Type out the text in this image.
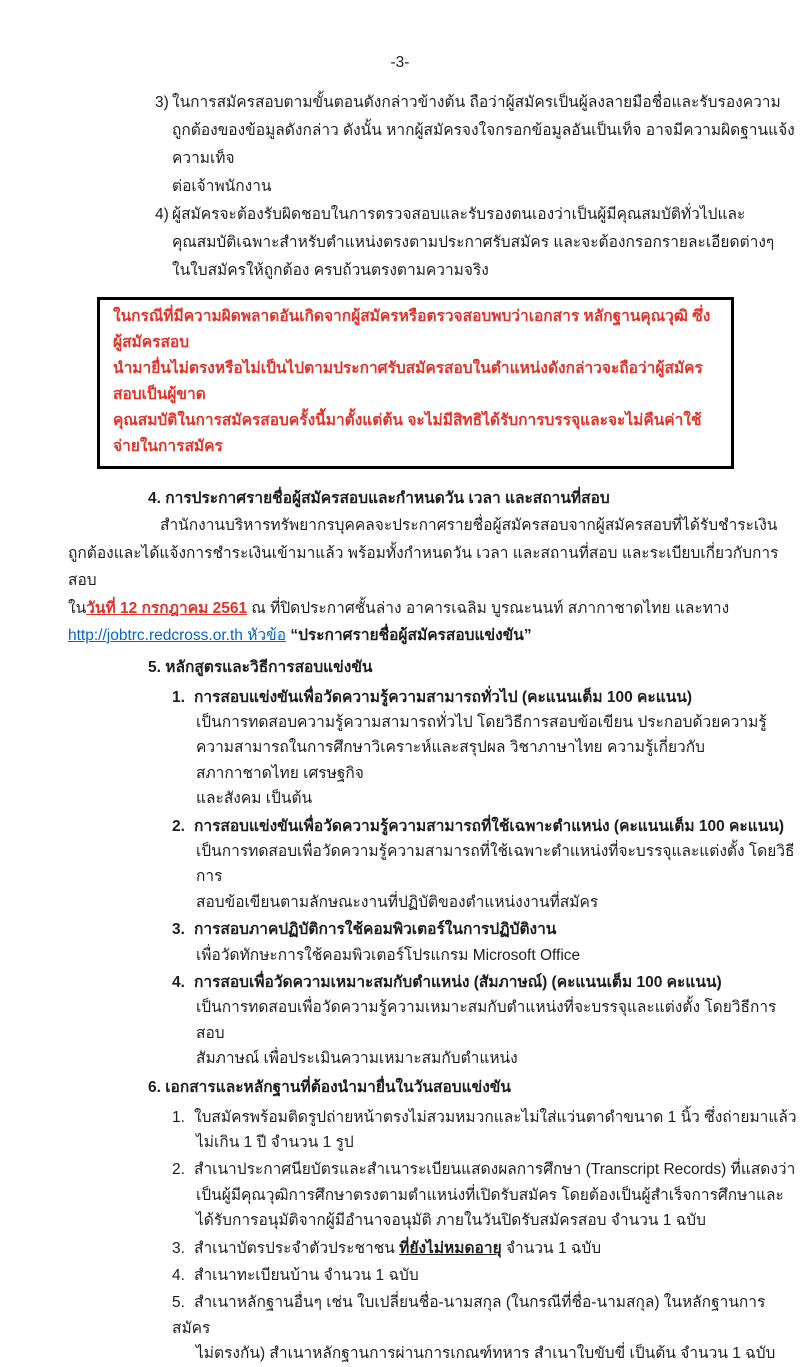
-3-
3) ในการสมัครสอบตามขั้นตอนดังกล่าวข้างต้น ถือว่าผู้สมัครเป็นผู้ลงลายมือชื่อและรับรองความ
ถูกต้องของข้อมูลดังกล่าว ดังนั้น หากผู้สมัครจงใจกรอกข้อมูลอันเป็นเท็จ อาจมีความผิดฐานแจ้งความเท็จ
ต่อเจ้าพนักงาน
4) ผู้สมัครจะต้องรับผิดชอบในการตรวจสอบและรับรองตนเองว่าเป็นผู้มีคุณสมบัติทั่วไปและ
คุณสมบัติเฉพาะสำหรับตำแหน่งตรงตามประกาศรับสมัคร และจะต้องกรอกรายละเอียดต่างๆ
ในใบสมัครให้ถูกต้อง ครบถ้วนตรงตามความจริง
ในกรณีที่มีความผิดพลาดอันเกิดจากผู้สมัครหรือตรวจสอบพบว่าเอกสาร หลักฐานคุณวุฒิ ซึ่งผู้สมัครสอบ
นำมายื่นไม่ตรงหรือไม่เป็นไปตามประกาศรับสมัครสอบในตำแหน่งดังกล่าวจะถือว่าผู้สมัครสอบเป็นผู้ขาด
คุณสมบัติในการสมัครสอบครั้งนี้มาตั้งแต่ต้น จะไม่มีสิทธิได้รับการบรรจุและจะไม่คืนค่าใช้จ่ายในการสมัคร
4. การประกาศรายชื่อผู้สมัครสอบและกำหนดวัน เวลา และสถานที่สอบ
สำนักงานบริหารทรัพยากรบุคคลจะประกาศรายชื่อผู้สมัครสอบจากผู้สมัครสอบที่ได้รับชำระเงิน
ถูกต้องและได้แจ้งการชำระเงินเข้ามาแล้ว พร้อมทั้งกำหนดวัน เวลา และสถานที่สอบ และระเบียบเกี่ยวกับการสอบ
ในวันที่ 12 กรกฎาคม 2561 ณ ที่ปิดประกาศชั้นล่าง อาคารเฉลิม บูรณะนนท์ สภากาชาดไทย และทาง
http://jobtrc.redcross.or.th หัวข้อ “ประกาศรายชื่อผู้สมัครสอบแข่งขัน”
5. หลักสูตรและวิธีการสอบแข่งขัน
1. การสอบแข่งขันเพื่อวัดความรู้ความสามารถทั่วไป (คะแนนเต็ม 100 คะแนน)
เป็นการทดสอบความรู้ความสามารถทั่วไป โดยวิธีการสอบข้อเขียน ประกอบด้วยความรู้
ความสามารถในการศึกษาวิเคราะห์และสรุปผล วิชาภาษาไทย ความรู้เกี่ยวกับสภากาชาดไทย เศรษฐกิจ
และสังคม เป็นต้น
2. การสอบแข่งขันเพื่อวัดความรู้ความสามารถที่ใช้เฉพาะตำแหน่ง (คะแนนเต็ม 100 คะแนน)
เป็นการทดสอบเพื่อวัดความรู้ความสามารถที่ใช้เฉพาะตำแหน่งที่จะบรรจุและแต่งตั้ง โดยวิธีการ
สอบข้อเขียนตามลักษณะงานที่ปฏิบัติของตำแหน่งงานที่สมัคร
3. การสอบภาคปฏิบัติการใช้คอมพิวเตอร์ในการปฏิบัติงาน
เพื่อวัดทักษะการใช้คอมพิวเตอร์โปรแกรม Microsoft Office
4. การสอบเพื่อวัดความเหมาะสมกับตำแหน่ง (สัมภาษณ์) (คะแนนเต็ม 100 คะแนน)
เป็นการทดสอบเพื่อวัดความรู้ความเหมาะสมกับตำแหน่งที่จะบรรจุและแต่งตั้ง โดยวิธีการสอบ
สัมภาษณ์ เพื่อประเมินความเหมาะสมกับตำแหน่ง
6. เอกสารและหลักฐานที่ต้องนำมายื่นในวันสอบแข่งขัน
1. ใบสมัครพร้อมติดรูปถ่ายหน้าตรงไม่สวมหมวกและไม่ใส่แว่นตาดำขนาด 1 นิ้ว ซึ่งถ่ายมาแล้ว
ไม่เกิน 1 ปี จำนวน 1 รูป
2. สำเนาประกาศนียบัตรและสำเนาระเบียนแสดงผลการศึกษา (Transcript Records) ที่แสดงว่า
เป็นผู้มีคุณวุฒิการศึกษาตรงตามตำแหน่งที่เปิดรับสมัคร โดยต้องเป็นผู้สำเร็จการศึกษาและ
ได้รับการอนุมัติจากผู้มีอำนาจอนุมัติ ภายในวันปิดรับสมัครสอบ จำนวน 1 ฉบับ
3. สำเนาบัตรประจำตัวประชาชน ที่ยังไม่หมดอายุ จำนวน 1 ฉบับ
4. สำเนาทะเบียนบ้าน จำนวน 1 ฉบับ
5. สำเนาหลักฐานอื่นๆ เช่น ใบเปลี่ยนชื่อ-นามสกุล (ในกรณีที่ชื่อ-นามสกุล) ในหลักฐานการสมัคร
ไม่ตรงกัน) สำเนาหลักฐานการผ่านการเกณฑ์ทหาร สำเนาใบขับขี่ เป็นต้น จำนวน 1 ฉบับ
